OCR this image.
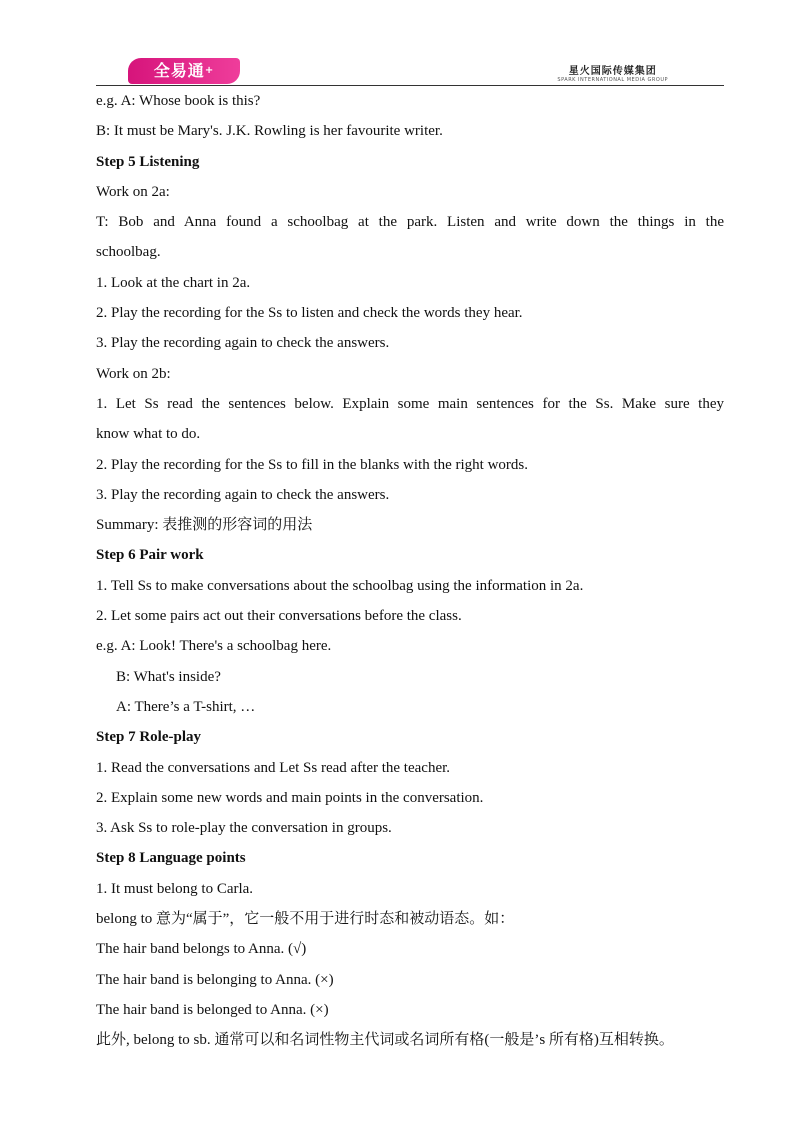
全易通+	星火国际传媒集团
SPARK INTERNATIONAL MEDIA GROUP
e.g. A: Whose book is this?
B: It must be Mary's. J.K. Rowling is her favourite writer.
Step 5 Listening
Work on 2a:
T: Bob and Anna found a schoolbag at the park. Listen and write down the things in the
schoolbag.
1. Look at the chart in 2a.
2. Play the recording for the Ss to listen and check the words they hear.
3. Play the recording again to check the answers.
Work on 2b:
1. Let Ss read the sentences below. Explain some main sentences for the Ss. Make sure they
know what to do.
2. Play the recording for the Ss to fill in the blanks with the right words.
3. Play the recording again to check the answers.
Summary: 表推测的形容词的用法
Step 6 Pair work
1. Tell Ss to make conversations about the schoolbag using the information in 2a.
2. Let some pairs act out their conversations before the class.
e.g. A: Look! There's a schoolbag here.
B: What's inside?
A: There’s a T-shirt, …
Step 7 Role-play
1. Read the conversations and Let Ss read after the teacher.
2. Explain some new words and main points in the conversation.
3. Ask Ss to role-play the conversation in groups.
Step 8 Language points
1. It must belong to Carla.
belong to 意为“属于”，它一般不用于进行时态和被动语态。如：
The hair band belongs to Anna. (√)
The hair band is belonging to Anna. (×)
The hair band is belonged to Anna. (×)
此外, belong to sb. 通常可以和名词性物主代词或名词所有格(一般是’s 所有格)互相转换。
